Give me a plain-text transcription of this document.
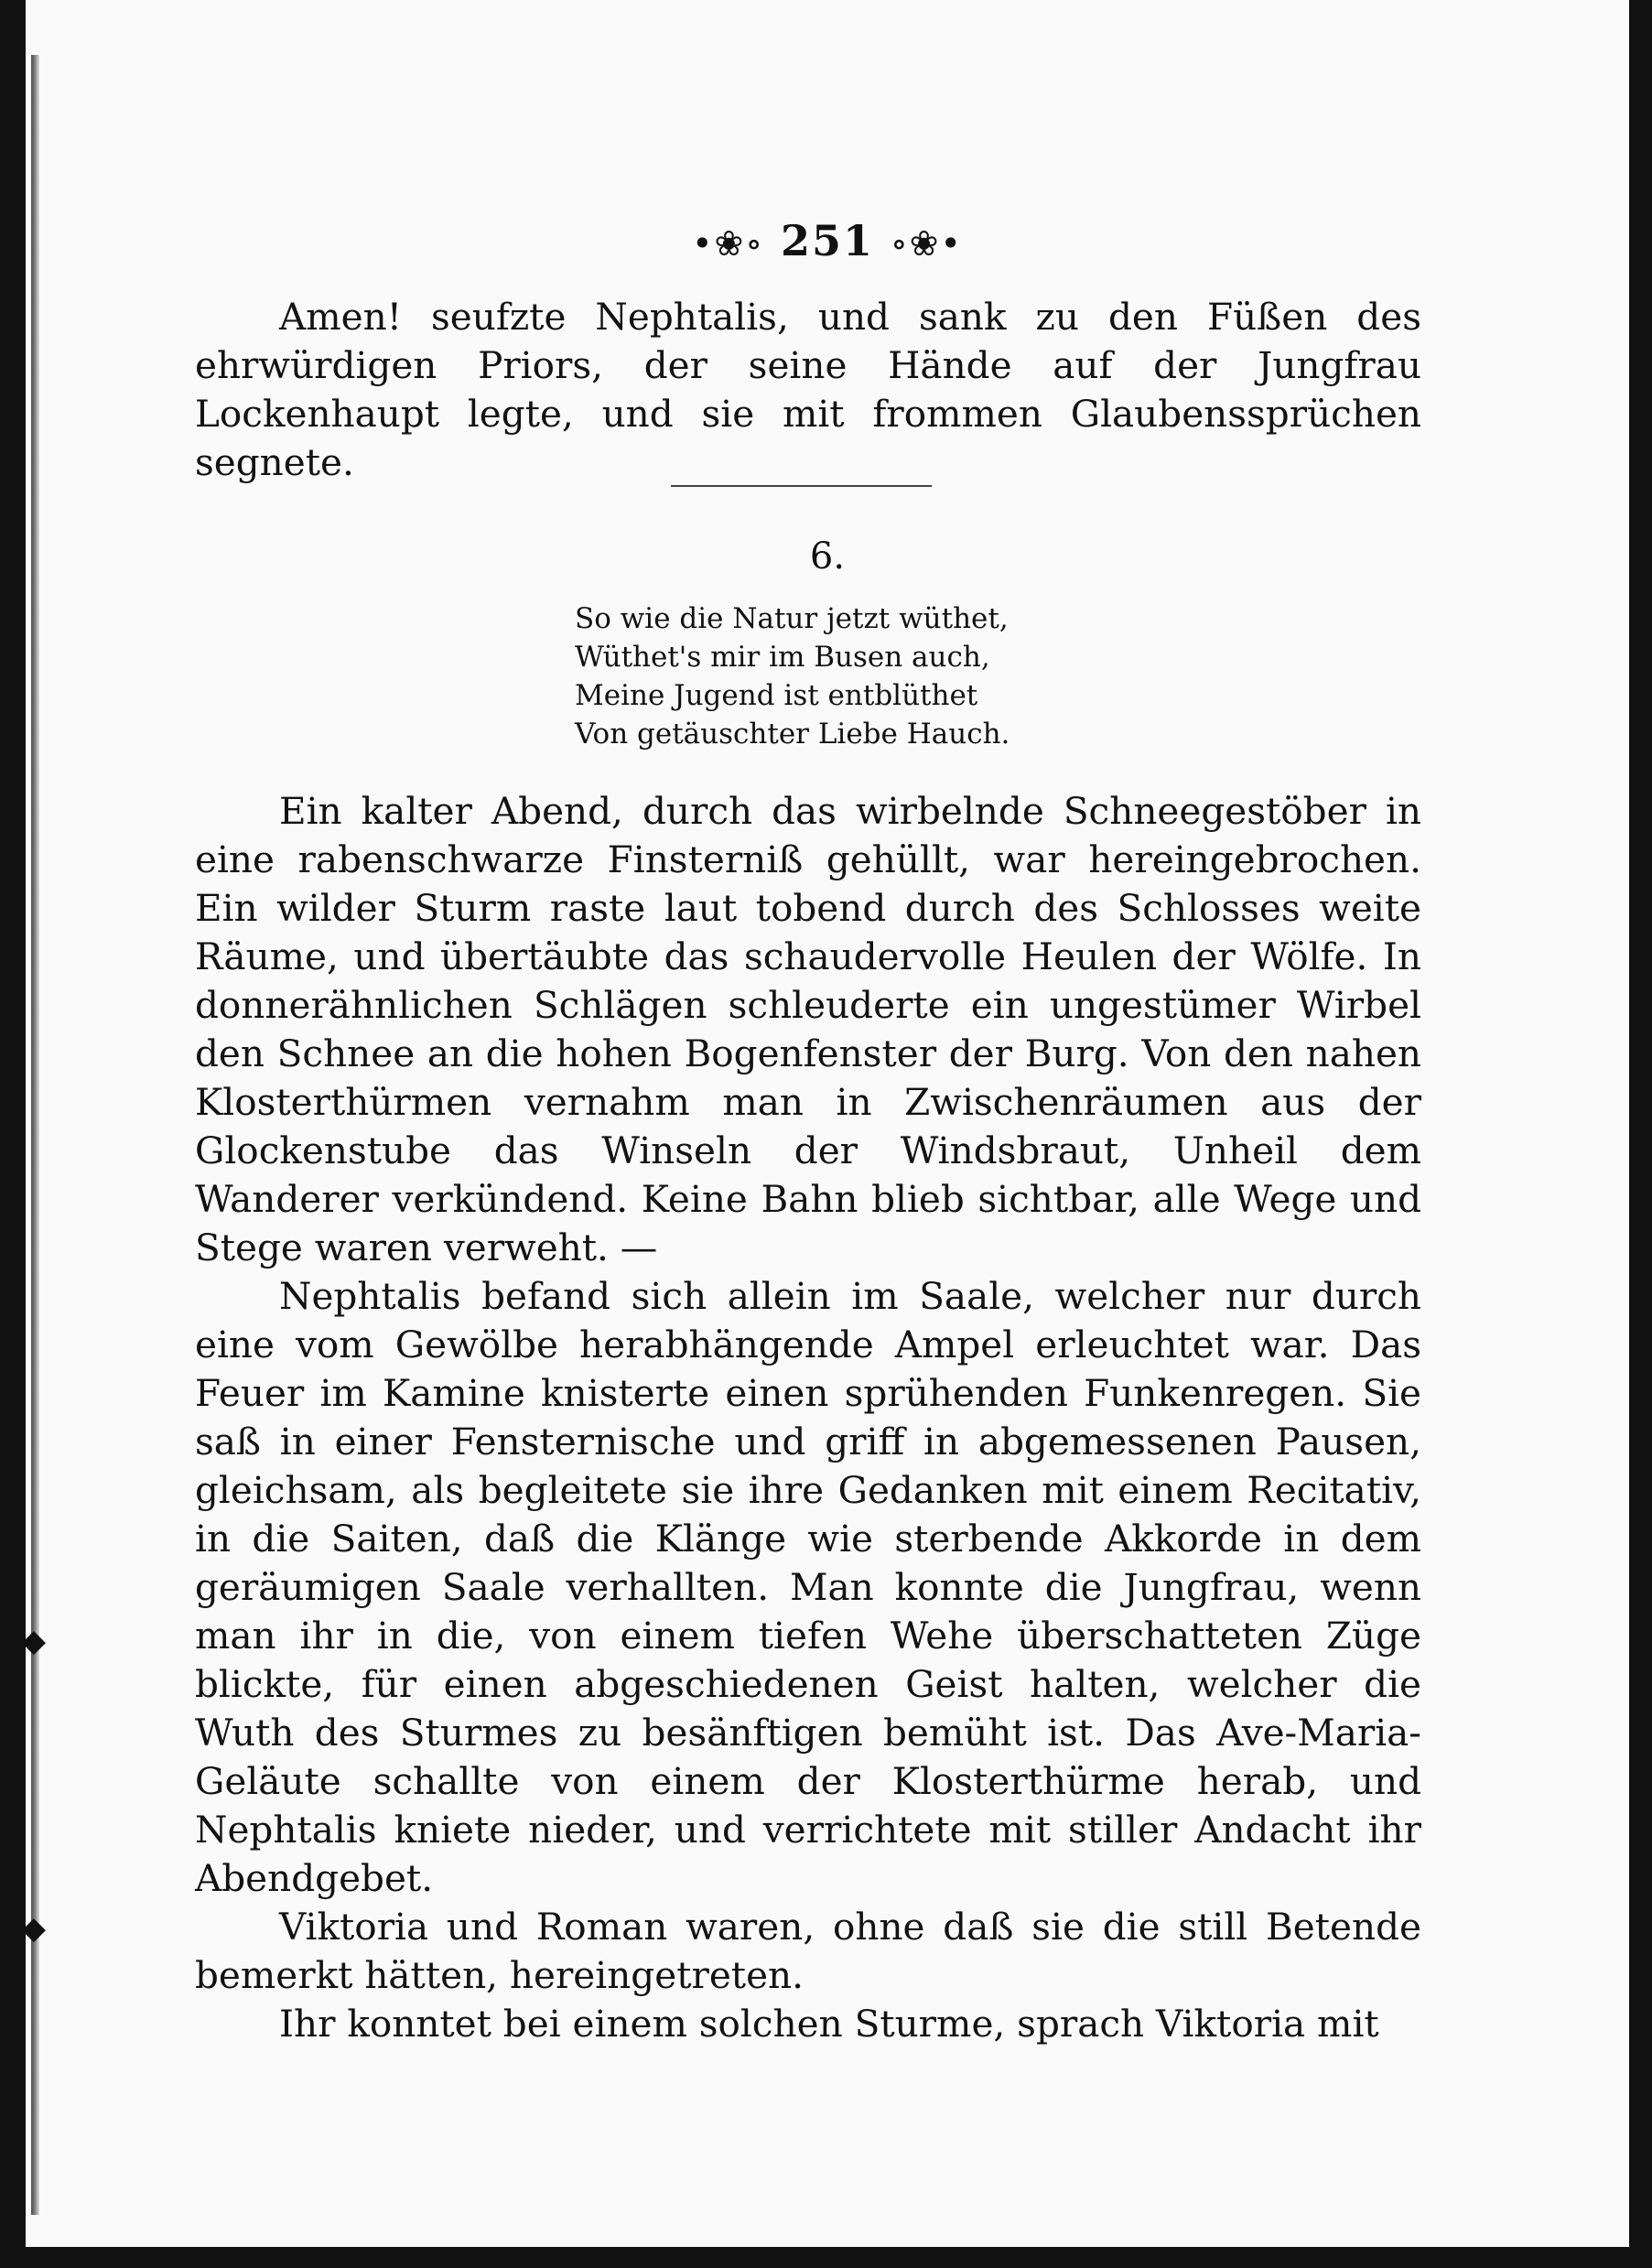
◆
◆
•❀∘ 251 ∘❀•

Amen! seufzte Nephtalis, und sank zu den Füßen des ehrwürdigen Priors, der seine Hände auf der Jungfrau Lockenhaupt legte, und sie mit frommen Glaubenssprüchen segnete.

6.
So wie die Natur jetzt wüthet,
Wüthet's mir im Busen auch,
Meine Jugend ist entblüthet
Von getäuschter Liebe Hauch.

Ein kalter Abend, durch das wirbelnde Schneegestöber in eine rabenschwarze Finsterniß gehüllt, war hereingebrochen. Ein wilder Sturm raste laut tobend durch des Schlosses weite Räume, und übertäubte das schaudervolle Heulen der Wölfe. In donnerähnlichen Schlägen schleuderte ein ungestümer Wirbel den Schnee an die hohen Bogenfenster der Burg. Von den nahen Klosterthürmen vernahm man in Zwischenräumen aus der Glockenstube das Winseln der Windsbraut, Unheil dem Wanderer verkündend. Keine Bahn blieb sichtbar, alle Wege und Stege waren verweht. —

Nephtalis befand sich allein im Saale, welcher nur durch eine vom Gewölbe herabhängende Ampel erleuchtet war. Das Feuer im Kamine knisterte einen sprühenden Funkenregen. Sie saß in einer Fensternische und griff in abgemessenen Pausen, gleichsam, als begleitete sie ihre Gedanken mit einem Recitativ, in die Saiten, daß die Klänge wie sterbende Akkorde in dem geräumigen Saale verhallten. Man konnte die Jungfrau, wenn man ihr in die, von einem tiefen Wehe überschatteten Züge blickte, für einen abgeschiedenen Geist halten, welcher die Wuth des Sturmes zu besänftigen bemüht ist. Das Ave-Maria-Geläute schallte von einem der Klosterthürme herab, und Nephtalis kniete nieder, und verrichtete mit stiller Andacht ihr Abendgebet.

Viktoria und Roman waren, ohne daß sie die still Betende bemerkt hätten, hereingetreten.

Ihr konntet bei einem solchen Sturme, sprach Viktoria mit
